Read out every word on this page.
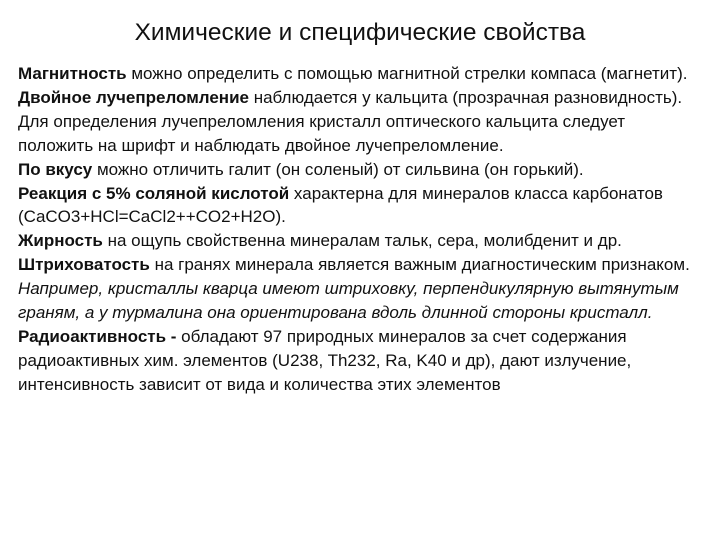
Химические и специфические свойства

Магнитность можно определить с помощью магнитной стрелки компаса (магнетит).

Двойное лучепреломление наблюдается у кальцита (прозрачная разновидность). Для определения лучепреломления кристалл оптического кальцита следует положить на шрифт и наблюдать двойное лучепреломление.

По вкусу можно отличить галит (он соленый) от сильвина (он горький).

Реакция с 5% соляной кислотой характерна для минералов класса карбонатов (CaCO3+HCl=CaCl2++CO2+H2O).

Жирность на ощупь свойственна минералам тальк, сера, молибденит и др.

Штриховатость на гранях минерала является важным диагностическим признаком. Например, кристаллы кварца имеют штриховку, перпендикулярную вытянутым граням, а у турмалина она ориентирована вдоль длинной стороны кристалл.

Радиоактивность - обладают 97 природных минералов за счет содержания радиоактивных хим. элементов (U238, Th232, Ra, K40 и др), дают излучение, интенсивность зависит от вида и количества этих элементов
